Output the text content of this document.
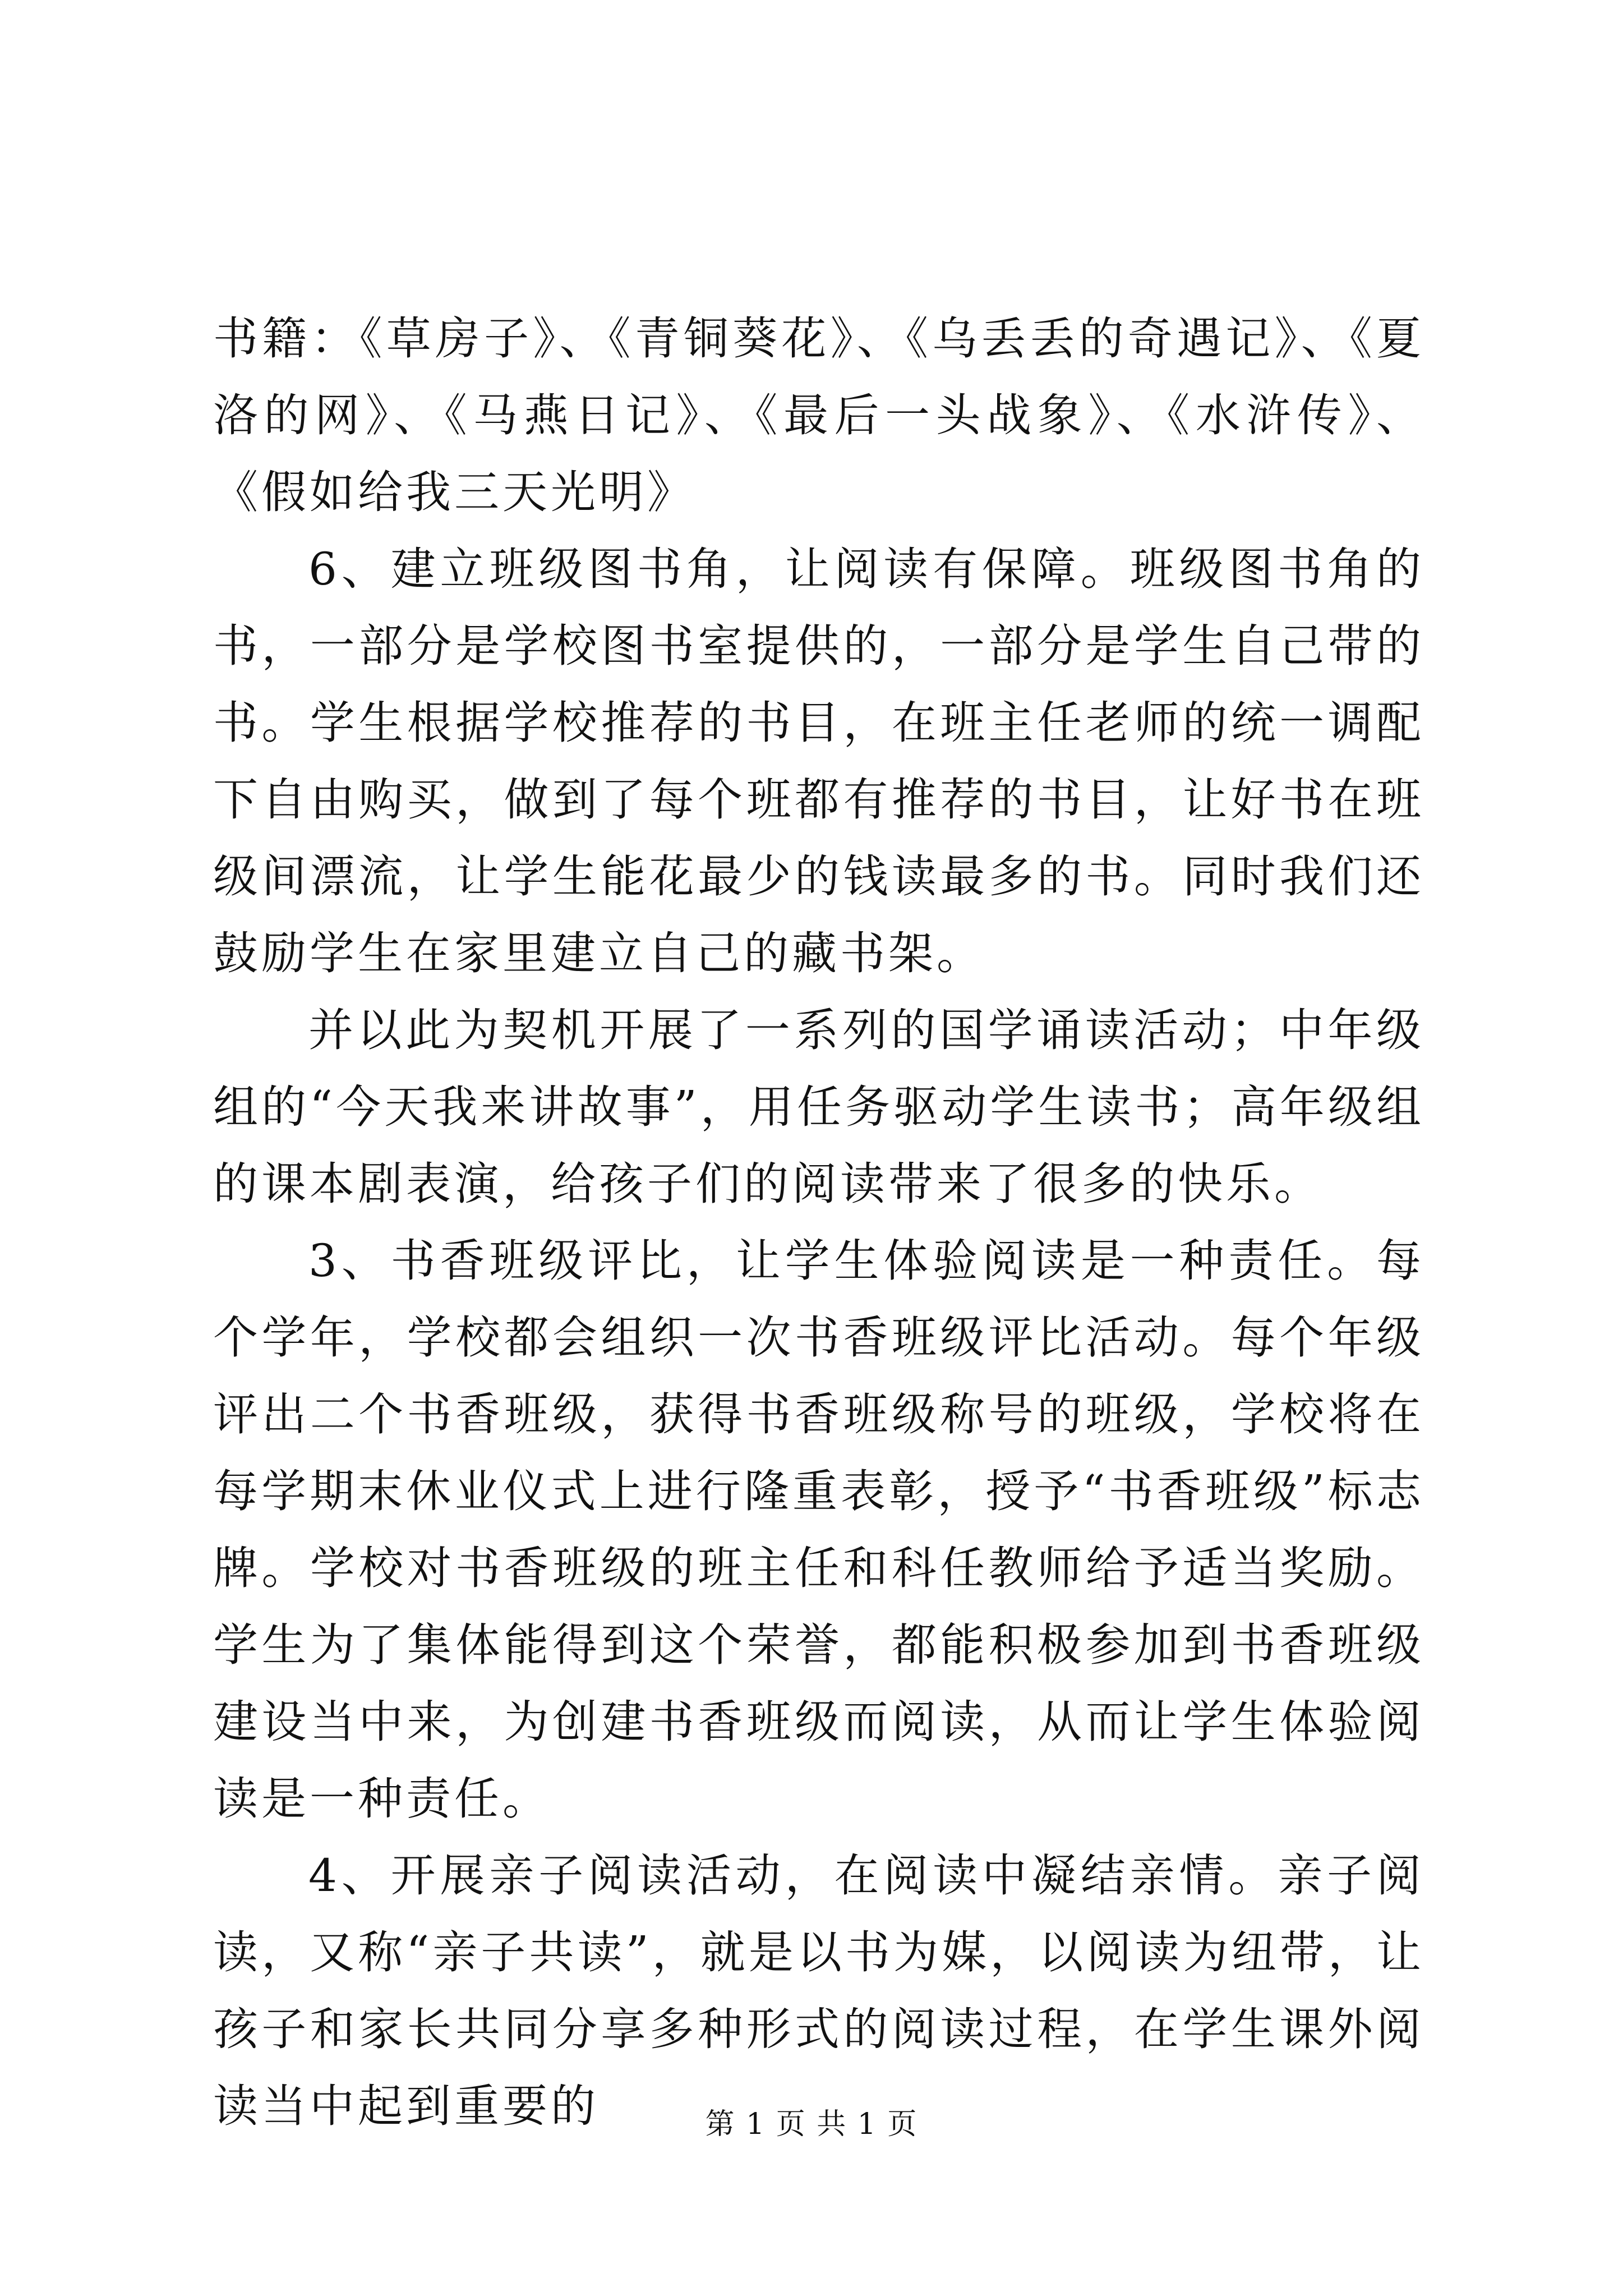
书籍：《草房子》、《青铜葵花》、《乌丢丢的奇遇记》、《夏洛的网》、《马燕日记》、《最后一头战象》、《水浒传》、《假如给我三天光明》

6、建立班级图书角，让阅读有保障。班级图书角的书，一部分是学校图书室提供的，一部分是学生自己带的书。学生根据学校推荐的书目，在班主任老师的统一调配下自由购买，做到了每个班都有推荐的书目，让好书在班级间漂流，让学生能花最少的钱读最多的书。同时我们还鼓励学生在家里建立自己的藏书架。

并以此为契机开展了一系列的国学诵读活动；中年级组的“今天我来讲故事”，用任务驱动学生读书；高年级组的课本剧表演，给孩子们的阅读带来了很多的快乐。

3、书香班级评比，让学生体验阅读是一种责任。每个学年，学校都会组织一次书香班级评比活动。每个年级评出二个书香班级，获得书香班级称号的班级，学校将在每学期末休业仪式上进行隆重表彰，授予“书香班级”标志牌。学校对书香班级的班主任和科任教师给予适当奖励。学生为了集体能得到这个荣誉，都能积极参加到书香班级建设当中来，为创建书香班级而阅读，从而让学生体验阅读是一种责任。

4、开展亲子阅读活动，在阅读中凝结亲情。亲子阅读，又称“亲子共读”，就是以书为媒，以阅读为纽带，让孩子和家长共同分享多种形式的阅读过程，在学生课外阅读当中起到重要的	第 1 页 共 1 页
